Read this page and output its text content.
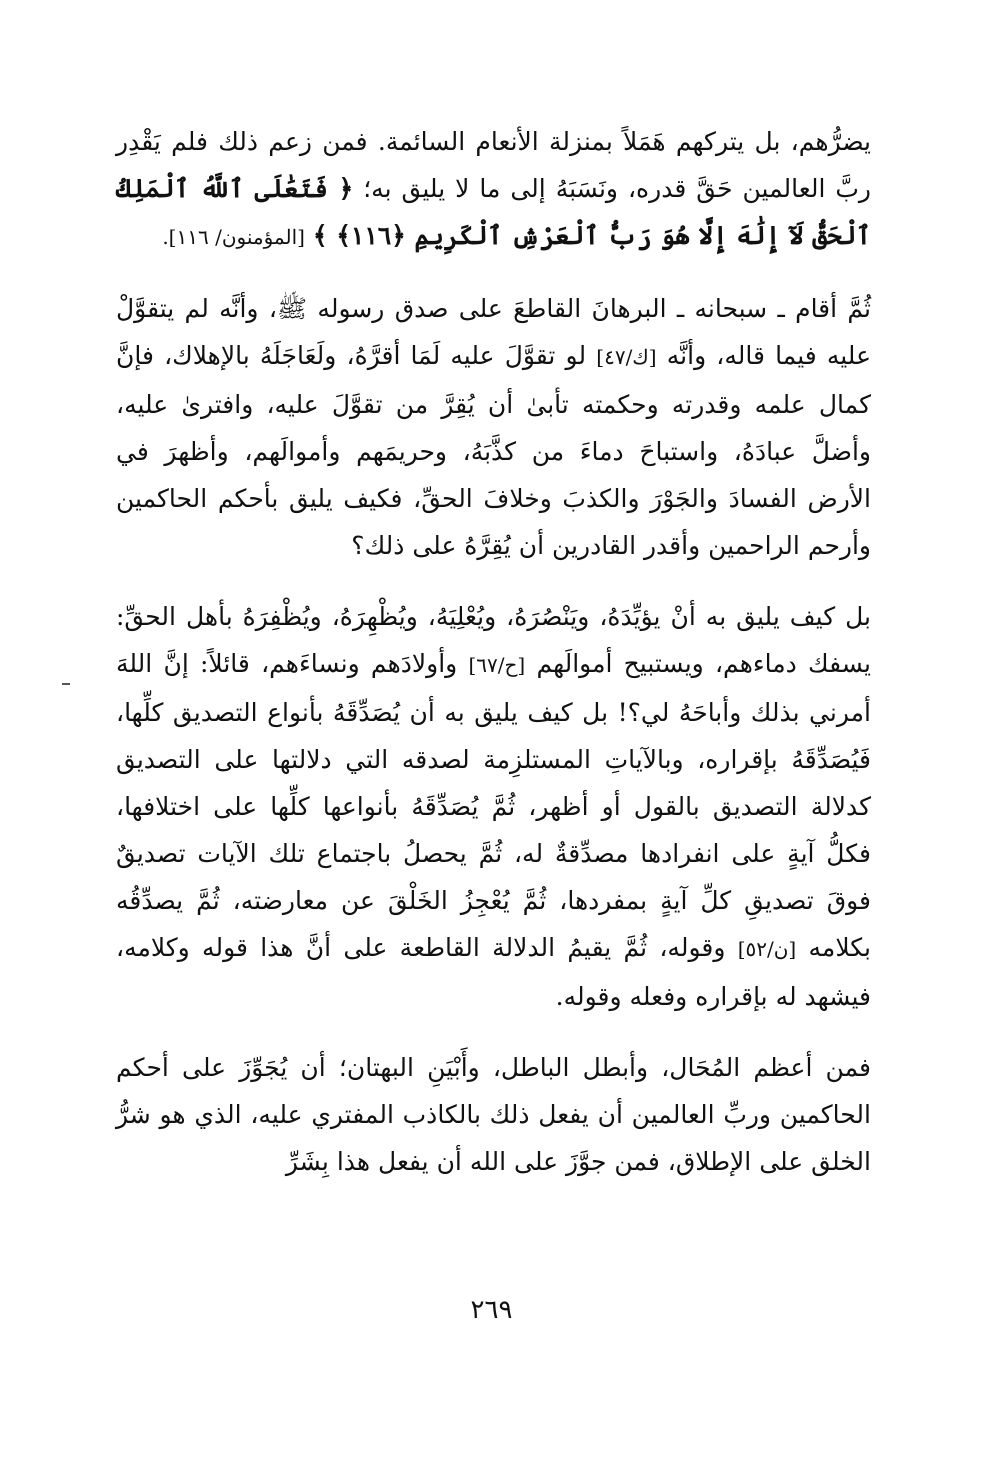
يضرُّهم، بل يتركهم هَمَلاً بمنزلة الأنعام السائمة. فمن زعم ذلك فلم يَقْدِر ربَّ العالمين حَقَّ قدره، ونَسَبَهُ إلى ما لا يليق به؛ ﴿ فَتَعَٰلَى ٱللَّهُ ٱلْمَلِكُ ٱلْحَقُّ لَآ إِلَٰهَ إِلَّا هُوَ رَبُّ ٱلْعَرْشِ ٱلْكَرِيمِ ﴿١١٦﴾ ﴾ [المؤمنون/ ١١٦].

ثُمَّ أقام ـ سبحانه ـ البرهانَ القاطعَ على صدق رسوله ﷺ، وأنَّه لم يتقوَّلْ عليه فيما قاله، وأنَّه [ك/٤٧] لو تقوَّلَ عليه لَمَا أقرَّهُ، ولَعَاجَلَهُ بالإهلاك، فإنَّ كمال علمه وقدرته وحكمته تأبىٰ أن يُقِرَّ من تقوَّلَ عليه، وافترىٰ عليه، وأضلَّ عبادَهُ، واستباحَ دماءَ من كذَّبَهُ، وحريمَهم وأموالَهم، وأظهرَ في الأرض الفسادَ والجَوْرَ والكذبَ وخلافَ الحقِّ، فكيف يليق بأحكم الحاكمين وأرحم الراحمين وأقدر القادرين أن يُقِرَّهُ على ذلك؟

بل كيف يليق به أنْ يؤيِّدَهُ، ويَنْصُرَهُ، ويُعْلِيَهُ، ويُظْهِرَهُ، ويُظْفِرَهُ بأهل الحقِّ: يسفك دماءهم، ويستبيح أموالَهم [ح/٦٧] وأولادَهم ونساءَهم، قائلاً: إنَّ اللهَ أمرني بذلك وأباحَهُ لي؟! بل كيف يليق به أن يُصَدِّقَهُ بأنواع التصديق كلِّها، فَيُصَدِّقَهُ بإقراره، وبالآياتِ المستلزِمة لصدقه التي دلالتها على التصديق كدلالة التصديق بالقول أو أظهر، ثُمَّ يُصَدِّقَهُ بأنواعها كلِّها على اختلافها، فكلُّ آيةٍ على انفرادها مصدِّقةٌ له، ثُمَّ يحصلُ باجتماع تلك الآيات تصديقٌ فوقَ تصديقِ كلِّ آيةٍ بمفردها، ثُمَّ يُعْجِزُ الخَلْقَ عن معارضته، ثُمَّ يصدِّقُه بكلامه [ن/٥٢] وقوله، ثُمَّ يقيمُ الدلالة القاطعة على أنَّ هذا قوله وكلامه، فيشهد له بإقراره وفعله وقوله.

فمن أعظم المُحَال، وأبطل الباطل، وأَبْيَنِ البهتان؛ أن يُجَوِّزَ على أحكم الحاكمين وربِّ العالمين أن يفعل ذلك بالكاذب المفتري عليه، الذي هو شرُّ الخلق على الإطلاق، فمن جوَّزَ على الله أن يفعل هذا بِشَرِّ

٢٦٩
